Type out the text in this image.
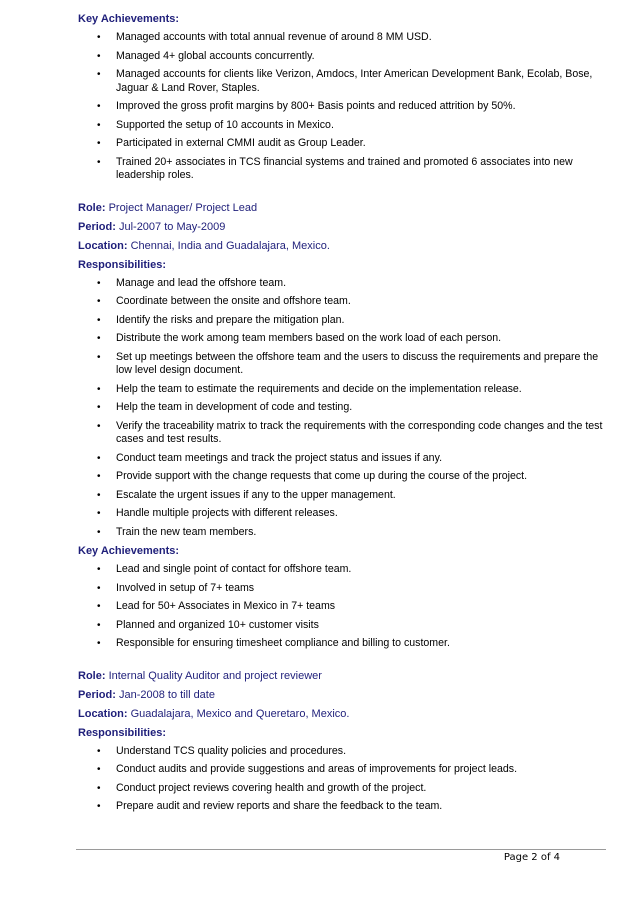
Key Achievements:
•	Managed accounts with total annual revenue of around 8 MM USD.
•	Managed 4+ global accounts concurrently.
•	Managed accounts for clients like Verizon, Amdocs, Inter American Development Bank, Ecolab, Bose, Jaguar & Land Rover, Staples.
•	Improved the gross profit margins by 800+ Basis points and reduced attrition by 50%.
•	Supported the setup of 10 accounts in Mexico.
•	Participated in external CMMI audit as Group Leader.
•	Trained 20+ associates in TCS financial systems and trained and promoted 6 associates into new leadership roles.
Role: Project Manager/ Project Lead
Period: Jul-2007 to May-2009
Location: Chennai, India and Guadalajara, Mexico.
Responsibilities:
•	Manage and lead the offshore team.
•	Coordinate between the onsite and offshore team.
•	Identify the risks and prepare the mitigation plan.
•	Distribute the work among team members based on the work load of each person.
•	Set up meetings between the offshore team and the users to discuss the requirements and prepare the low level design document.
•	Help the team to estimate the requirements and decide on the implementation release.
•	Help the team in development of code and testing.
•	Verify the traceability matrix to track the requirements with the corresponding code changes and the test cases and test results.
•	Conduct team meetings and track the project status and issues if any.
•	Provide support with the change requests that come up during the course of the project.
•	Escalate the urgent issues if any to the upper management.
•	Handle multiple projects with different releases.
•	Train the new team members.
Key Achievements:
•	Lead and single point of contact for offshore team.
•	Involved in setup of 7+ teams
•	Lead for 50+ Associates in Mexico in 7+ teams
•	Planned and organized 10+ customer visits
•	Responsible for ensuring timesheet compliance and billing to customer.
Role: Internal Quality Auditor and project reviewer
Period: Jan-2008 to till date
Location: Guadalajara, Mexico and Queretaro, Mexico.
Responsibilities:
•	Understand TCS quality policies and procedures.
•	Conduct audits and provide suggestions and areas of improvements for project leads.
•	Conduct project reviews covering health and growth of the project.
•	Prepare audit and review reports and share the feedback to the team.
Page 2 of 4
